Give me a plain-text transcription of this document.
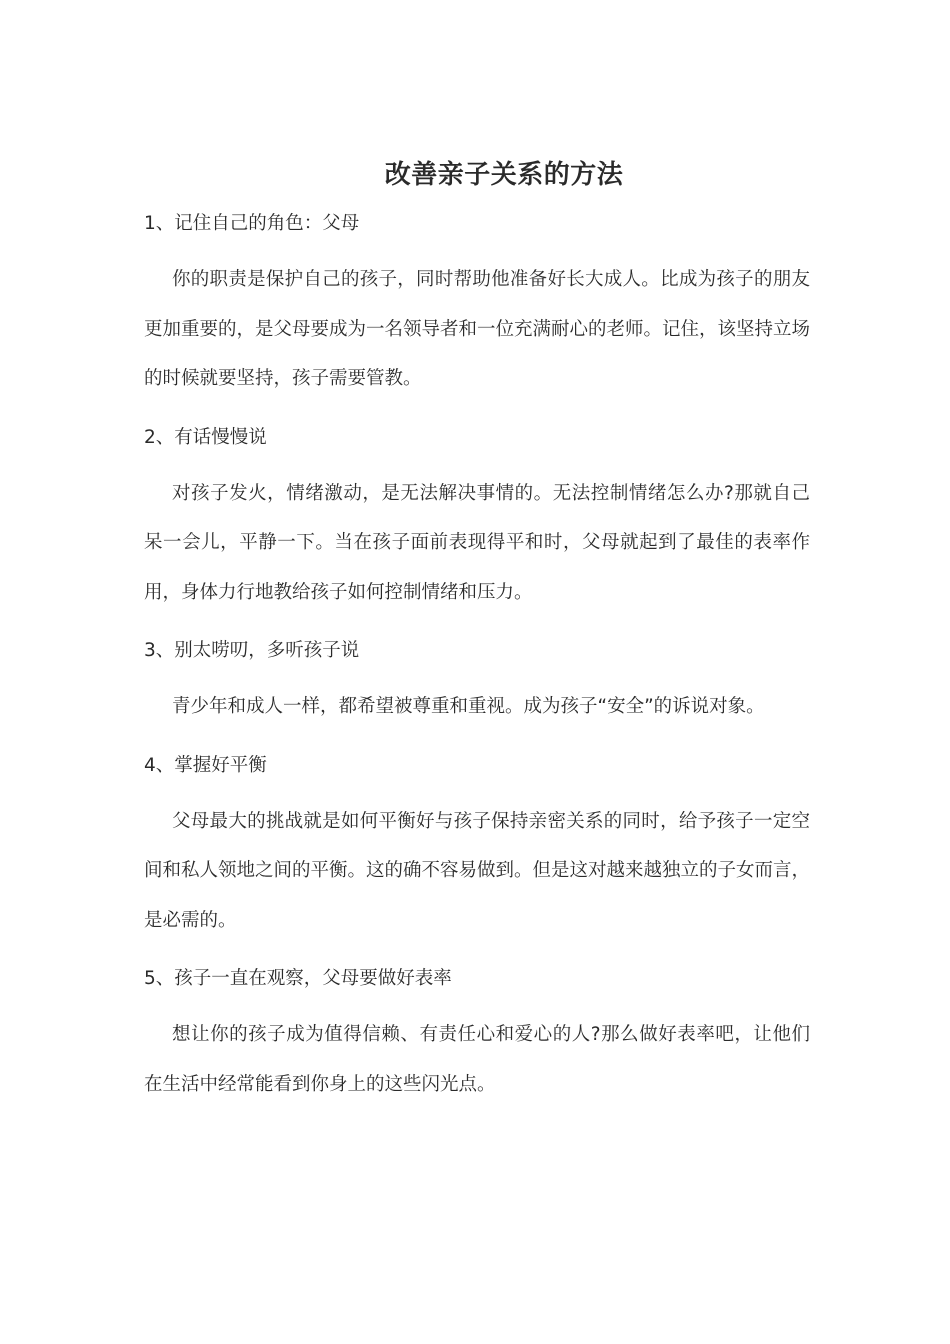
改善亲子关系的方法

1、记住自己的角色：父母

你的职责是保护自己的孩子，同时帮助他准备好长大成人。比成为孩子的朋友更加重要的，是父母要成为一名领导者和一位充满耐心的老师。记住，该坚持立场的时候就要坚持，孩子需要管教。

2、有话慢慢说

对孩子发火，情绪激动，是无法解决事情的。无法控制情绪怎么办?那就自己呆一会儿，平静一下。当在孩子面前表现得平和时，父母就起到了最佳的表率作用，身体力行地教给孩子如何控制情绪和压力。

3、别太唠叨，多听孩子说

青少年和成人一样，都希望被尊重和重视。成为孩子“安全”的诉说对象。

4、掌握好平衡

父母最大的挑战就是如何平衡好与孩子保持亲密关系的同时，给予孩子一定空间和私人领地之间的平衡。这的确不容易做到。但是这对越来越独立的子女而言，是必需的。

5、孩子一直在观察，父母要做好表率

想让你的孩子成为值得信赖、有责任心和爱心的人?那么做好表率吧，让他们在生活中经常能看到你身上的这些闪光点。
